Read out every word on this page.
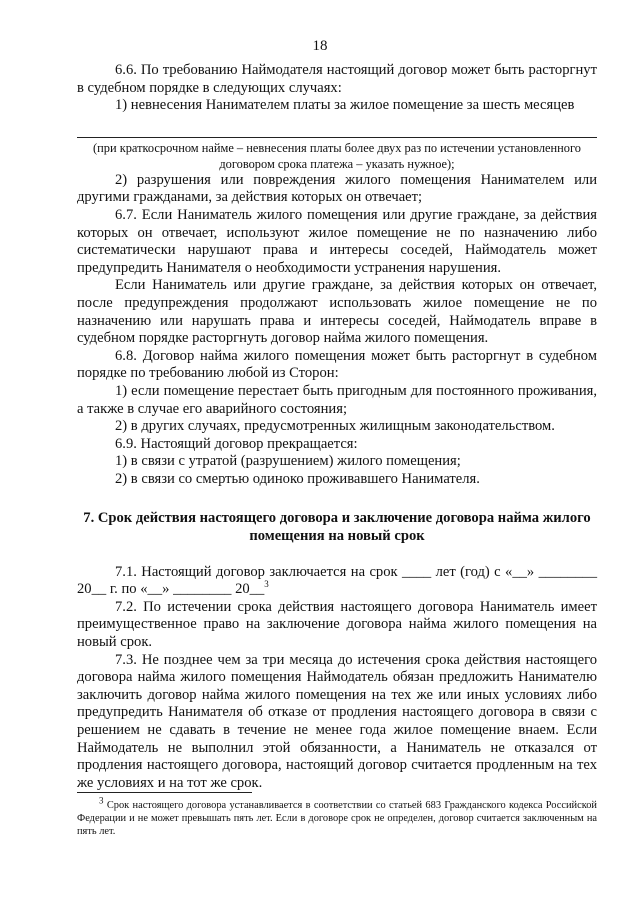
18

6.6. По требованию Наймодателя настоящий договор может быть расторгнут в судебном порядке в следующих случаях:

1) невнесения Нанимателем платы за жилое помещение за шесть месяцев

(при краткосрочном найме – невнесения платы более двух раз по истечении установленного договором срока платежа – указать нужное);

2) разрушения или повреждения жилого помещения Нанимателем или другими гражданами, за действия которых он отвечает;

6.7. Если Наниматель жилого помещения или другие граждане, за действия которых он отвечает, используют жилое помещение не по назначению либо систематически нарушают права и интересы соседей, Наймодатель может предупредить Нанимателя о необходимости устранения нарушения.

Если Наниматель или другие граждане, за действия которых он отвечает, после предупреждения продолжают использовать жилое помещение не по назначению или нарушать права и интересы соседей, Наймодатель вправе в судебном порядке расторгнуть договор найма жилого помещения.

6.8. Договор найма жилого помещения может быть расторгнут в судебном порядке по требованию любой из Сторон:

1) если помещение перестает быть пригодным для постоянного проживания, а также в случае его аварийного состояния;

2) в других случаях, предусмотренных жилищным законодательством.

6.9. Настоящий договор прекращается:

1) в связи с утратой (разрушением) жилого помещения;

2) в связи со смертью одиноко проживавшего Нанимателя.

7. Срок действия настоящего договора и заключение договора найма жилого помещения на новый срок

7.1. Настоящий договор заключается на срок ____ лет (год) с «__» ________ 20__ г. по «__» ________ 20__$^3$

7.2. По истечении срока действия настоящего договора Наниматель имеет преимущественное право на заключение договора найма жилого помещения на новый срок.

7.3. Не позднее чем за три месяца до истечения срока действия настоящего договора найма жилого помещения Наймодатель обязан предложить Нанимателю заключить договор найма жилого помещения на тех же или иных условиях либо предупредить Нанимателя об отказе от продления настоящего договора в связи с решением не сдавать в течение не менее года жилое помещение внаем. Если Наймодатель не выполнил этой обязанности, а Наниматель не отказался от продления настоящего договора, настоящий договор считается продленным на тех же условиях и на тот же срок.

3 Срок настоящего договора устанавливается в соответствии со статьей 683 Гражданского кодекса Российской Федерации и не может превышать пять лет. Если в договоре срок не определен, договор считается заключенным на пять лет.
